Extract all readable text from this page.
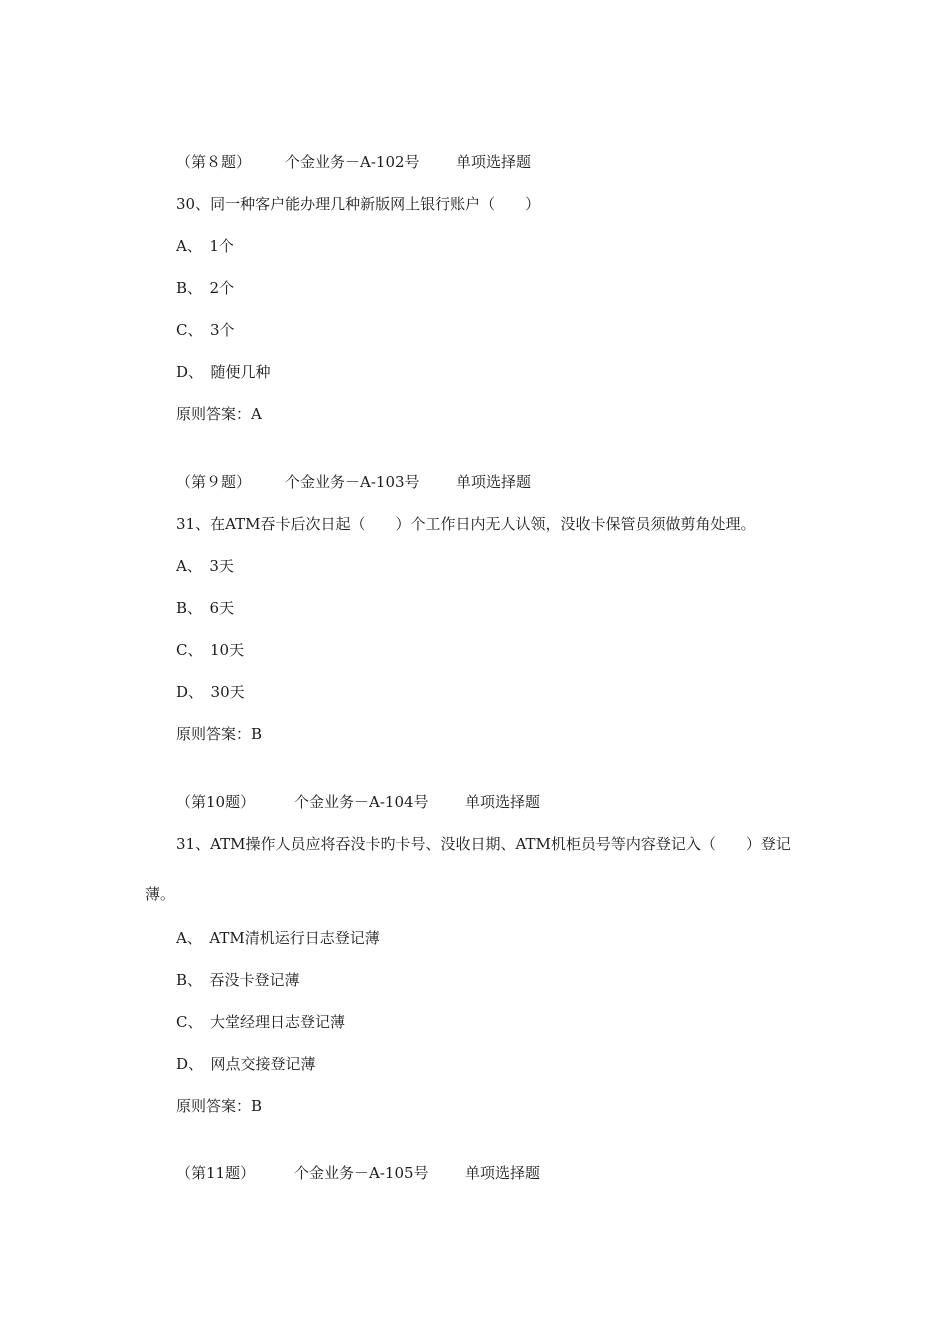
（第８题）

个金业务－A-102号

单项选择题

30、同一种客户能办理几种新版网上银行账户（　　）
A、　1个
B、　2个
C、　3个
D、　随便几种
原则答案：A

（第９题）

个金业务－A-103号

单项选择题

31、在ATM吞卡后次日起（　　）个工作日内无人认领，没收卡保管员须做剪角处理。
A、　3天
B、　6天
C、　10天
D、　30天
原则答案：B

（第10题）

	个金业务－A-104号

单项选择题

31、ATM操作人员应将吞没卡旳卡号、没收日期、ATM机柜员号等内容登记入（　　）登记
薄。
A、　ATM清机运行日志登记薄
B、　吞没卡登记薄
C、　大堂经理日志登记薄
D、　网点交接登记薄
原则答案：B

（第11题）

	个金业务－A-105号

单项选择题
